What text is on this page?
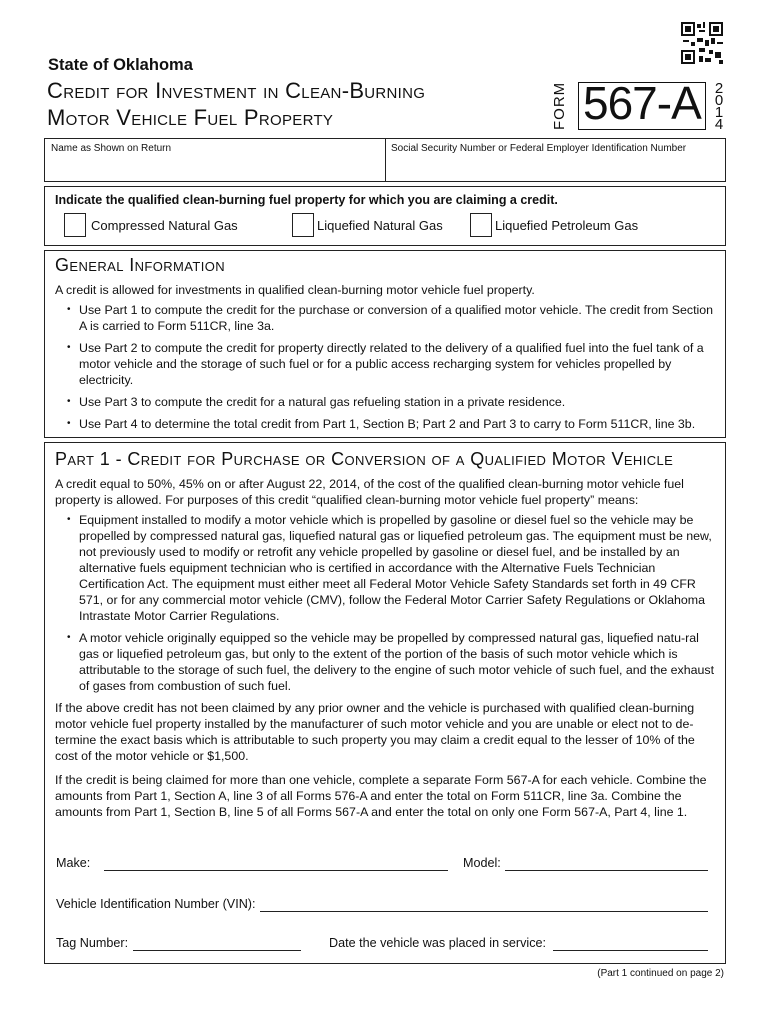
State of Oklahoma
Credit for Investment in Clean-Burning
Motor Vehicle Fuel Property	FORM 567-A 2
0
1
4
Name as Shown on Return	Social Security Number or Federal Employer Identification Number
Indicate the qualified clean-burning fuel property for which you are claiming a credit.
Compressed Natural Gas	Liquefied Natural Gas	Liquefied Petroleum Gas
General Information

A credit is allowed for investments in qualified clean-burning motor vehicle fuel property.

• Use Part 1 to compute the credit for the purchase or conversion of a qualified motor vehicle. The credit from Section A is carried to Form 511CR, line 3a.
• Use Part 2 to compute the credit for property directly related to the delivery of a qualified fuel into the fuel tank of a motor vehicle and the storage of such fuel or for a public access recharging system for vehicles propelled by electricity.
• Use Part 3 to compute the credit for a natural gas refueling station in a private residence.
• Use Part 4 to determine the total credit from Part 1, Section B; Part 2 and Part 3 to carry to Form 511CR, line 3b.
Part 1 - Credit for Purchase or Conversion of a Qualified Motor Vehicle

A credit equal to 50%, 45% on or after August 22, 2014, of the cost of the qualified clean-burning motor vehicle fuel property is allowed. For purposes of this credit “qualified clean-burning motor vehicle fuel property” means:

• Equipment installed to modify a motor vehicle which is propelled by gasoline or diesel fuel so the vehicle may be propelled by compressed natural gas, liquefied natural gas or liquefied petroleum gas. The equipment must be new, not previously used to modify or retrofit any vehicle propelled by gasoline or diesel fuel, and be installed by an alternative fuels equipment technician who is certified in accordance with the Alternative Fuels Technician Certification Act. The equipment must either meet all Federal Motor Vehicle Safety Standards set forth in 49 CFR 571, or for any commercial motor vehicle (CMV), follow the Federal Motor Carrier Safety Regulations or Oklahoma Intrastate Motor Carrier Regulations.
• A motor vehicle originally equipped so the vehicle may be propelled by compressed natural gas, liquefied natu-ral gas or liquefied petroleum gas, but only to the extent of the portion of the basis of such motor vehicle which is attributable to the storage of such fuel, the delivery to the engine of such motor vehicle of such fuel, and the exhaust of gases from combustion of such fuel.

If the above credit has not been claimed by any prior owner and the vehicle is purchased with qualified clean-burning motor vehicle fuel property installed by the manufacturer of such motor vehicle and you are unable or elect not to de-termine the exact basis which is attributable to such property you may claim a credit equal to the lesser of 10% of the cost of the motor vehicle or $1,500.

If the credit is being claimed for more than one vehicle, complete a separate Form 567-A for each vehicle. Combine the amounts from Part 1, Section A, line 3 of all Forms 576-A and enter the total on Form 511CR, line 3a. Combine the amounts from Part 1, Section B, line 5 of all Forms 567-A and enter the total on only one Form 567-A, Part 4, line 1.

Make:	Model:
Vehicle Identification Number (VIN):
Tag Number:	Date the vehicle was placed in service:
(Part 1 continued on page 2)
